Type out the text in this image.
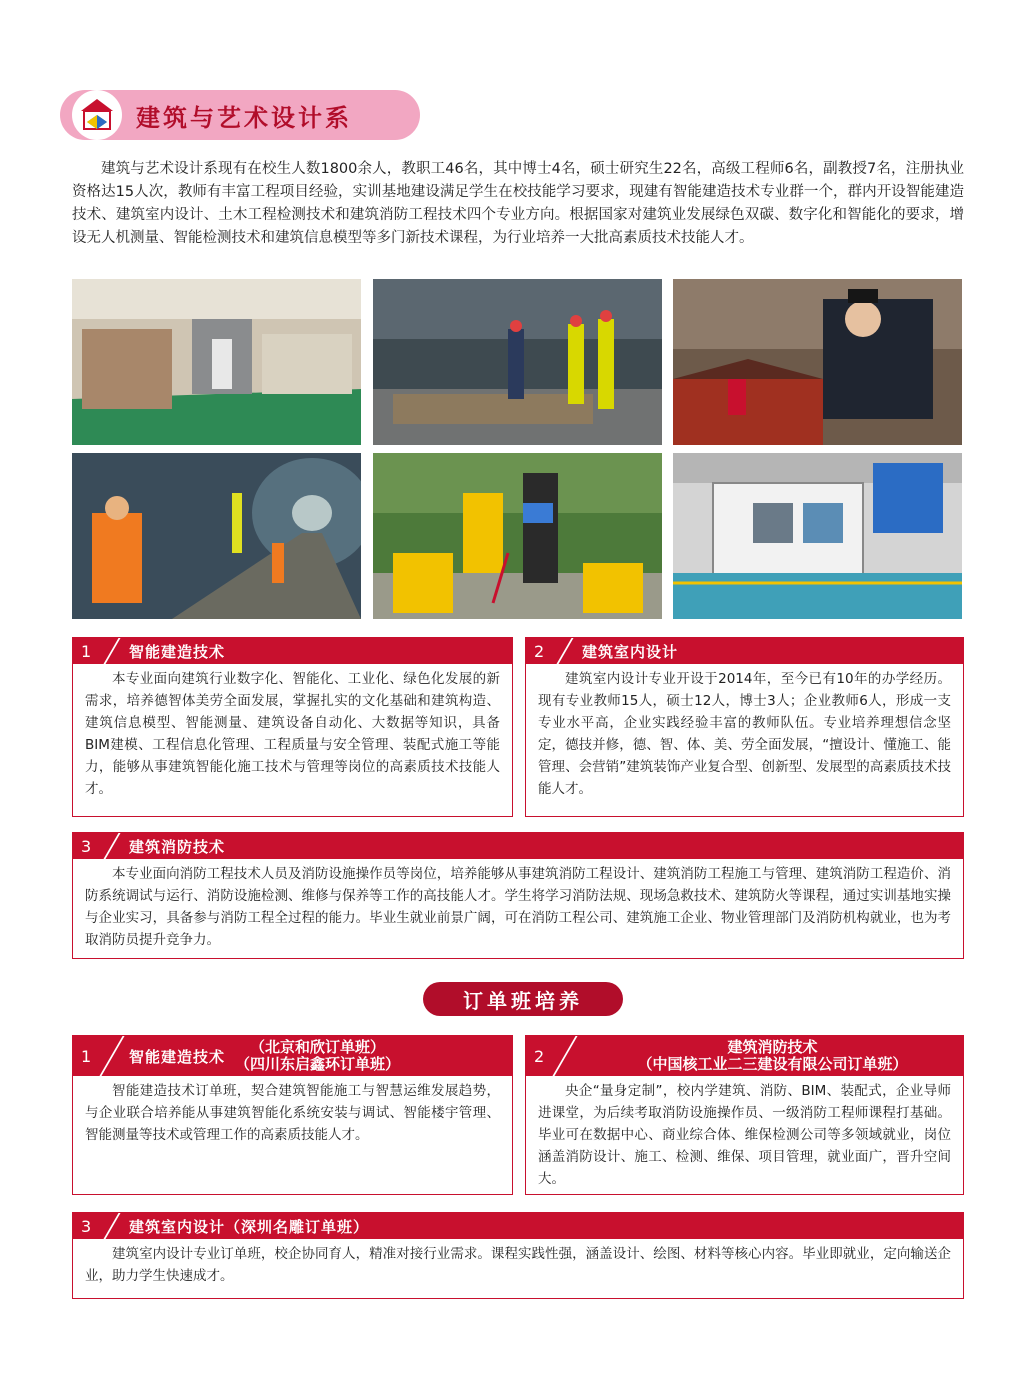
建筑与艺术设计系
建筑与艺术设计系现有在校生人数1800余人，教职工46名，其中博士4名，硕士研究生22名，高级工程师6名，副教授7名，注册执业资格达15人次，教师有丰富工程项目经验，实训基地建设满足学生在校技能学习要求，现建有智能建造技术专业群一个，群内开设智能建造技术、建筑室内设计、土木工程检测技术和建筑消防工程技术四个专业方向。根据国家对建筑业发展绿色双碳、数字化和智能化的要求，增设无人机测量、智能检测技术和建筑信息模型等多门新技术课程，为行业培养一大批高素质技术技能人才。
1	智能建造技术
本专业面向建筑行业数字化、智能化、工业化、绿色化发展的新需求，培养德智体美劳全面发展，掌握扎实的文化基础和建筑构造、建筑信息模型、智能测量、建筑设备自动化、大数据等知识，具备BIM建模、工程信息化管理、工程质量与安全管理、装配式施工等能力，能够从事建筑智能化施工技术与管理等岗位的高素质技术技能人才。
2	建筑室内设计
建筑室内设计专业开设于2014年，至今已有10年的办学经历。现有专业教师15人，硕士12人，博士3人；企业教师6人，形成一支专业水平高，企业实践经验丰富的教师队伍。专业培养理想信念坚定，德技并修，德、智、体、美、劳全面发展，“擅设计、懂施工、能管理、会营销”建筑装饰产业复合型、创新型、发展型的高素质技术技能人才。
3	建筑消防技术
本专业面向消防工程技术人员及消防设施操作员等岗位，培养能够从事建筑消防工程设计、建筑消防工程施工与管理、建筑消防工程造价、消防系统调试与运行、消防设施检测、维修与保养等工作的高技能人才。学生将学习消防法规、现场急救技术、建筑防火等课程，通过实训基地实操与企业实习，具备参与消防工程全过程的能力。毕业生就业前景广阔，可在消防工程公司、建筑施工企业、物业管理部门及消防机构就业，也为考取消防员提升竞争力。
订单班培养
1	智能建造技术
（北京和欣订单班）
（四川东启鑫环订单班）
智能建造技术订单班，契合建筑智能施工与智慧运维发展趋势，与企业联合培养能从事建筑智能化系统安装与调试、智能楼宇管理、智能测量等技术或管理工作的高素质技能人才。
2	建筑消防技术
（中国核工业二三建设有限公司订单班）
央企“量身定制”，校内学建筑、消防、BIM、装配式，企业导师进课堂，为后续考取消防设施操作员、一级消防工程师课程打基础。毕业可在数据中心、商业综合体、维保检测公司等多领域就业，岗位涵盖消防设计、施工、检测、维保、项目管理，就业面广，晋升空间大。
3	建筑室内设计（深圳名雕订单班）
建筑室内设计专业订单班，校企协同育人，精准对接行业需求。课程实践性强，涵盖设计、绘图、材料等核心内容。毕业即就业，定向输送企业，助力学生快速成才。
